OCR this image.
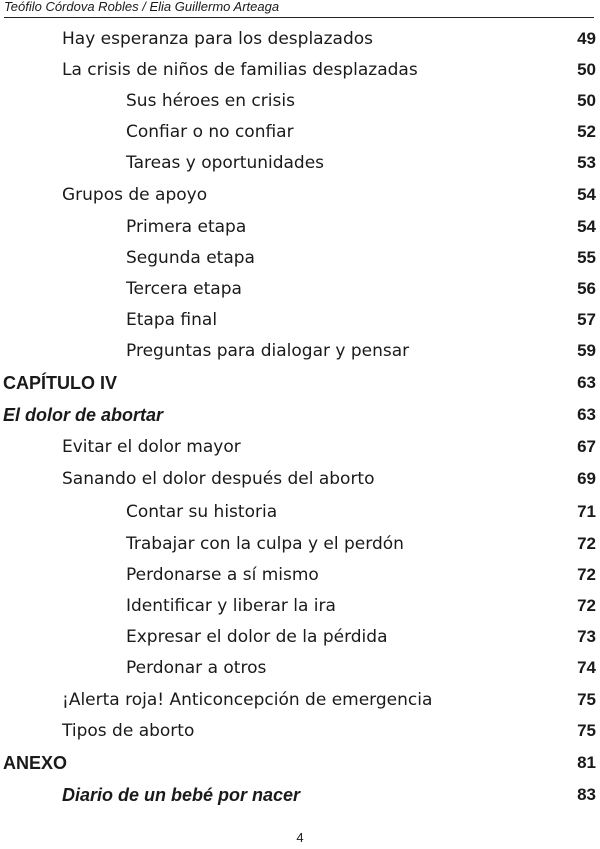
Teófilo Córdova Robles / Elia Guillermo Arteaga
Hay esperanza para los desplazados	49
La crisis de niños de familias desplazadas	50
Sus héroes en crisis	50
Confiar o no confiar	52
Tareas y oportunidades	53
Grupos de apoyo	54
Primera etapa	54
Segunda etapa	55
Tercera etapa	56
Etapa final	57
Preguntas para dialogar y pensar	59
CAPÍTULO IV	63
El dolor de abortar	63
Evitar el dolor mayor	67
Sanando el dolor después del aborto	69
Contar su historia	71
Trabajar con la culpa y el perdón	72
Perdonarse a sí mismo	72
Identificar y liberar la ira	72
Expresar el dolor de la pérdida	73
Perdonar a otros	74
¡Alerta roja! Anticoncepción de emergencia	75
Tipos de aborto	75
ANEXO	81
Diario de un bebé por nacer	83
4
